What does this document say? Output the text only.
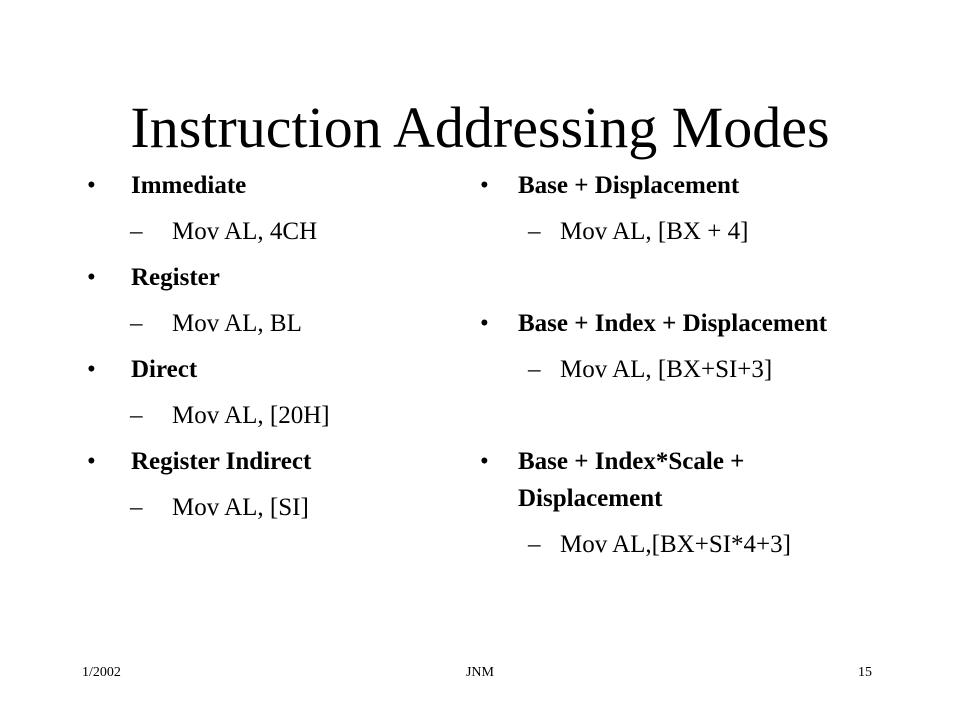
Instruction Addressing Modes
• Immediate
– Mov AL, 4CH
• Register
– Mov AL, BL
• Direct
– Mov AL, [20H]
• Register Indirect
– Mov AL, [SI]
• Base + Displacement
– Mov AL, [BX + 4]
• Base + Index + Displacement
– Mov AL, [BX+SI+3]
• Base + Index*Scale +
Displacement
– Mov AL,[BX+SI*4+3]
1/2002	JNM	15
